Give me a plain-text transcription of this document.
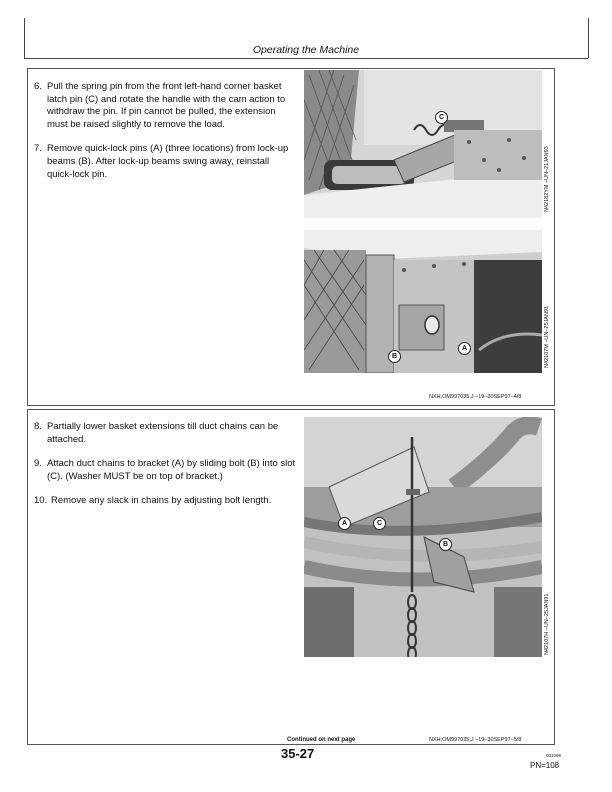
Operating the Machine
6. Pull the spring pin from the front left-hand corner basket latch pin (C) and rotate the handle with the cam action to withdraw the pin. If pin cannot be pulled, the extension must be raised slightly to remove the load.
7. Remove quick-lock pins (A) (three locations) from lock-up beams (B). After lock-up beams swing away, reinstall quick-lock pin.
C
N42182YM –UN–21JAN93
A
B	N42107M –UN–25JAN91
NXH,OM997035,J –19–30SEP97–4/8
8. Partially lower basket extensions till duct chains can be attached.
9. Attach duct chains to bracket (A) by sliding bolt (B) into slot (C). (Washer MUST be on top of bracket.)
10. Remove any slack in chains by adjusting bolt length.
A	C
B
N42107H –UN–25JAN91
Continued on next page	NXH,OM997035,J –19–30SEP97–5/8
35-27	031099
PN=108
